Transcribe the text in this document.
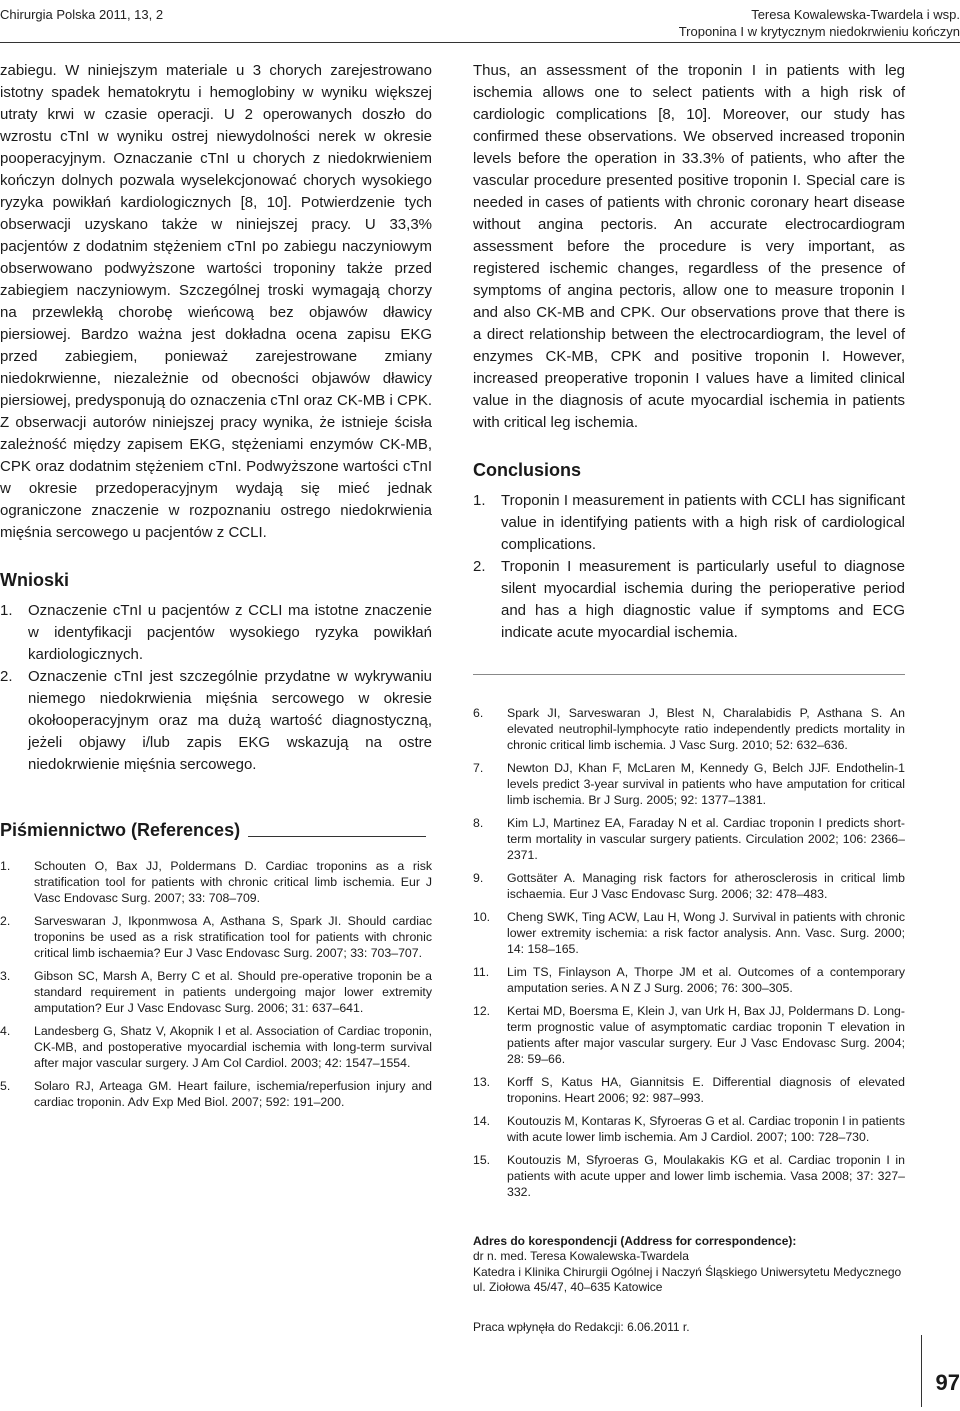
Chirurgia Polska 2011, 13, 2	Teresa Kowalewska-Twardela i wsp.
Troponina I w krytycznym niedokrwieniu kończyn

zabiegu. W niniejszym materiale u 3 chorych zarejestrowano istotny spadek hematokrytu i hemoglobiny w wyniku większej utraty krwi w czasie operacji. U 2 operowanych doszło do wzrostu cTnI w wyniku ostrej niewydolności nerek w okresie pooperacyjnym. Oznaczanie cTnI u chorych z niedokrwieniem kończyn dolnych pozwala wyselekcjonować chorych wysokiego ryzyka powikłań kardiologicznych [8, 10]. Potwierdzenie tych obserwacji uzyskano także w niniejszej pracy. U 33,3% pacjentów z dodatnim stężeniem cTnI po zabiegu naczyniowym obserwowano podwyższone wartości troponiny także przed zabiegiem naczyniowym. Szczególnej troski wymagają chorzy na przewlekłą chorobę wieńcową bez objawów dławicy piersiowej. Bardzo ważna jest dokładna ocena zapisu EKG przed zabiegiem, ponieważ zarejestrowane zmiany niedokrwienne, niezależnie od obecności objawów dławicy piersiowej, predysponują do oznaczenia cTnI oraz CK-MB i CPK. Z obserwacji autorów niniejszej pracy wynika, że istnieje ścisła zależność między zapisem EKG, stężeniami enzymów CK-MB, CPK oraz dodatnim stężeniem cTnI. Podwyższone wartości cTnI w okresie przedoperacyjnym wydają się mieć jednak ograniczone znaczenie w rozpoznaniu ostrego niedokrwienia mięśnia sercowego u pacjentów z CCLI.

Wnioski
1. Oznaczenie cTnI u pacjentów z CCLI ma istotne znaczenie w identyfikacji pacjentów wysokiego ryzyka powikłań kardiologicznych.
2. Oznaczenie cTnI jest szczególnie przydatne w wykrywaniu niemego niedokrwienia mięśnia sercowego w okresie okołooperacyjnym oraz ma dużą wartość diagnostyczną, jeżeli objawy i/lub zapis EKG wskazują na ostre niedokrwienie mięśnia sercowego.
Piśmiennictwo (References)
1. Schouten O, Bax JJ, Poldermans D. Cardiac troponins as a risk stratification tool for patients with chronic critical limb ischemia. Eur J Vasc Endovasc Surg. 2007; 33: 708–709.
2. Sarveswaran J, Ikponmwosa A, Asthana S, Spark JI. Should cardiac troponins be used as a risk stratification tool for patients with chronic critical limb ischaemia? Eur J Vasc Endovasc Surg. 2007; 33: 703–707.
3. Gibson SC, Marsh A, Berry C et al. Should pre-operative troponin be a standard requirement in patients undergoing major lower extremity amputation? Eur J Vasc Endovasc Surg. 2006; 31: 637–641.
4. Landesberg G, Shatz V, Akopnik I et al. Association of Cardiac troponin, CK-MB, and postoperative myocardial ischemia with long-term survival after major vascular surgery. J Am Col Cardiol. 2003; 42: 1547–1554.
5. Solaro RJ, Arteaga GM. Heart failure, ischemia/reperfusion injury and cardiac troponin. Adv Exp Med Biol. 2007; 592: 191–200.

Thus, an assessment of the troponin I in patients with leg ischemia allows one to select patients with a high risk of cardiologic complications [8, 10]. Moreover, our study has confirmed these observations. We observed increased troponin levels before the operation in 33.3% of patients, who after the vascular procedure presented positive troponin I. Special care is needed in cases of patients with chronic coronary heart disease without angina pectoris. An accurate electrocardiogram assessment before the procedure is very important, as registered ischemic changes, regardless of the presence of symptoms of angina pectoris, allow one to measure troponin I and also CK-MB and CPK. Our observations prove that there is a direct relationship between the electrocardiogram, the level of enzymes CK-MB, CPK and positive troponin I. However, increased preoperative troponin I values have a limited clinical value in the diagnosis of acute myocardial ischemia in patients with critical leg ischemia.

Conclusions
1. Troponin I measurement in patients with CCLI has significant value in identifying patients with a high risk of cardiological complications.
2. Troponin I measurement is particularly useful to diagnose silent myocardial ischemia during the perioperative period and has a high diagnostic value if symptoms and ECG indicate acute myocardial ischemia.
6. Spark JI, Sarveswaran J, Blest N, Charalabidis P, Asthana S. An elevated neutrophil-lymphocyte ratio independently predicts mortality in chronic critical limb ischemia. J Vasc Surg. 2010; 52: 632–636.
7. Newton DJ, Khan F, McLaren M, Kennedy G, Belch JJF. Endothelin-1 levels predict 3-year survival in patients who have amputation for critical limb ischemia. Br J Surg. 2005; 92: 1377–1381.
8. Kim LJ, Martinez EA, Faraday N et al. Cardiac troponin I predicts short-term mortality in vascular surgery patients. Circulation 2002; 106: 2366–2371.
9. Gottsäter A. Managing risk factors for atherosclerosis in critical limb ischaemia. Eur J Vasc Endovasc Surg. 2006; 32: 478–483.
10. Cheng SWK, Ting ACW, Lau H, Wong J. Survival in patients with chronic lower extremity ischemia: a risk factor analysis. Ann. Vasc. Surg. 2000; 14: 158–165.
11. Lim TS, Finlayson A, Thorpe JM et al. Outcomes of a contemporary amputation series. A N Z J Surg. 2006; 76: 300–305.
12. Kertai MD, Boersma E, Klein J, van Urk H, Bax JJ, Poldermans D. Long-term prognostic value of asymptomatic cardiac troponin T elevation in patients after major vascular surgery. Eur J Vasc Endovasc Surg. 2004; 28: 59–66.
13. Korff S, Katus HA, Giannitsis E. Differential diagnosis of elevated troponins. Heart 2006; 92: 987–993.
14. Koutouzis M, Kontaras K, Sfyroeras G et al. Cardiac troponin I in patients with acute lower limb ischemia. Am J Cardiol. 2007; 100: 728–730.
15. Koutouzis M, Sfyroeras G, Moulakakis KG et al. Cardiac troponin I in patients with acute upper and lower limb ischemia. Vasa 2008; 37: 327–332.
Adres do korespondencji (Address for correspondence):
dr n. med. Teresa Kowalewska-Twardela
Katedra i Klinika Chirurgii Ogólnej i Naczyń Śląskiego Uniwersytetu Medycznego
ul. Ziołowa 45/47, 40–635 Katowice
Praca wpłynęła do Redakcji: 6.06.2011 r.
97
